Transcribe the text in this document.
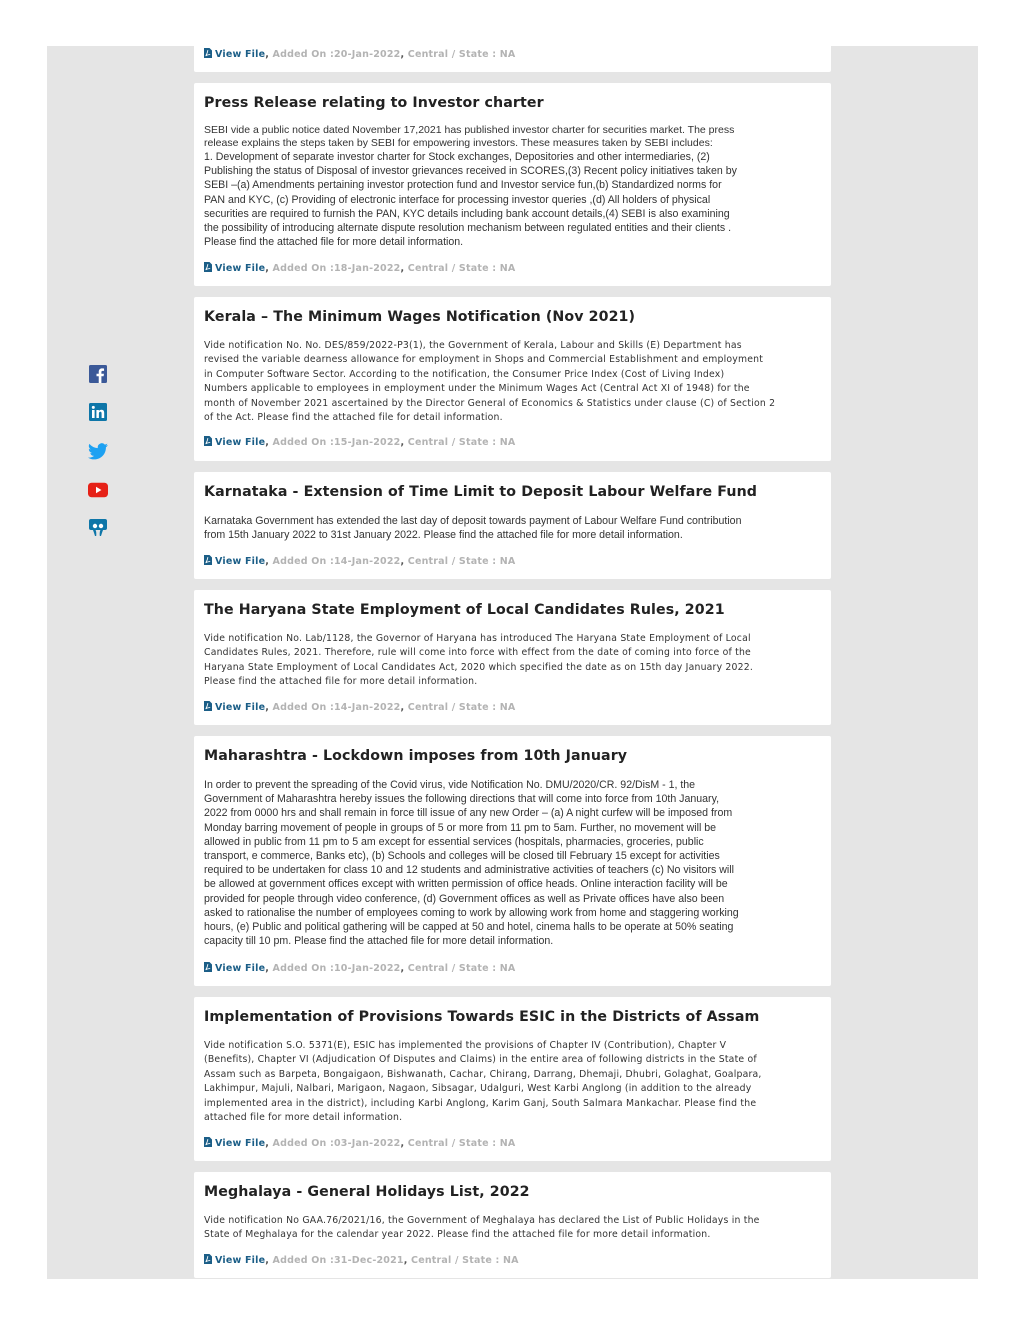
View File, Added On :20-Jan-2022, Central / State : NA
Press Release relating to Investor charter

SEBI vide a public notice dated November 17,2021 has published investor charter for securities market. The press

release explains the steps taken by SEBI for empowering investors. These measures taken by SEBI includes:

1. Development of separate investor charter for Stock exchanges, Depositories and other intermediaries, (2)

Publishing the status of Disposal of investor grievances received in SCORES,(3) Recent policy initiatives taken by

SEBI –(a) Amendments pertaining investor protection fund and Investor service fun,(b) Standardized norms for

PAN and KYC, (c) Providing of electronic interface for processing investor queries ,(d) All holders of physical

securities are required to furnish the PAN, KYC details including bank account details,(4) SEBI is also examining

the possibility of introducing alternate dispute resolution mechanism between regulated entities and their clients .

Please find the attached file for more detail information.

View File, Added On :18-Jan-2022, Central / State : NA
Kerala – The Minimum Wages Notification (Nov 2021)

Vide notification No. No. DES/859/2022-P3(1), the Government of Kerala, Labour and Skills (E) Department has

revised the variable dearness allowance for employment in Shops and Commercial Establishment and employment

in Computer Software Sector. According to the notification, the Consumer Price Index (Cost of Living Index)

Numbers applicable to employees in employment under the Minimum Wages Act (Central Act XI of 1948) for the

month of November 2021 ascertained by the Director General of Economics & Statistics under clause (C) of Section 2

of the Act. Please find the attached file for detail information.

View File, Added On :15-Jan-2022, Central / State : NA
Karnataka - Extension of Time Limit to Deposit Labour Welfare Fund

Karnataka Government has extended the last day of deposit towards payment of Labour Welfare Fund contribution

from 15th January 2022 to 31st January 2022. Please find the attached file for more detail information.

View File, Added On :14-Jan-2022, Central / State : NA
The Haryana State Employment of Local Candidates Rules, 2021

Vide notification No. Lab/1128, the Governor of Haryana has introduced The Haryana State Employment of Local

Candidates Rules, 2021. Therefore, rule will come into force with effect from the date of coming into force of the

Haryana State Employment of Local Candidates Act, 2020 which specified the date as on 15th day January 2022.

Please find the attached file for more detail information.

View File, Added On :14-Jan-2022, Central / State : NA
Maharashtra - Lockdown imposes from 10th January

In order to prevent the spreading of the Covid virus, vide Notification No. DMU/2020/CR. 92/DisM - 1, the

Government of Maharashtra hereby issues the following directions that will come into force from 10th January,

2022 from 0000 hrs and shall remain in force till issue of any new Order – (a) A night curfew will be imposed from

Monday barring movement of people in groups of 5 or more from 11 pm to 5am. Further, no movement will be

allowed in public from 11 pm to 5 am except for essential services (hospitals, pharmacies, groceries, public

transport, e commerce, Banks etc), (b) Schools and colleges will be closed till February 15 except for activities

required to be undertaken for class 10 and 12 students and administrative activities of teachers (c) No visitors will

be allowed at government offices except with written permission of office heads. Online interaction facility will be

provided for people through video conference, (d) Government offices as well as Private offices have also been

asked to rationalise the number of employees coming to work by allowing work from home and staggering working

hours, (e) Public and political gathering will be capped at 50 and hotel, cinema halls to be operate at 50% seating

capacity till 10 pm. Please find the attached file for more detail information.

View File, Added On :10-Jan-2022, Central / State : NA
Implementation of Provisions Towards ESIC in the Districts of Assam

Vide notification S.O. 5371(E), ESIC has implemented the provisions of Chapter IV (Contribution), Chapter V

(Benefits), Chapter VI (Adjudication Of Disputes and Claims) in the entire area of following districts in the State of

Assam such as Barpeta, Bongaigaon, Bishwanath, Cachar, Chirang, Darrang, Dhemaji, Dhubri, Golaghat, Goalpara,

Lakhimpur, Majuli, Nalbari, Marigaon, Nagaon, Sibsagar, Udalguri, West Karbi Anglong (in addition to the already

implemented area in the district), including Karbi Anglong, Karim Ganj, South Salmara Mankachar. Please find the

attached file for more detail information.

View File, Added On :03-Jan-2022, Central / State : NA
Meghalaya - General Holidays List, 2022

Vide notification No GAA.76/2021/16, the Government of Meghalaya has declared the List of Public Holidays in the

State of Meghalaya for the calendar year 2022. Please find the attached file for more detail information.

View File, Added On :31-Dec-2021, Central / State : NA
